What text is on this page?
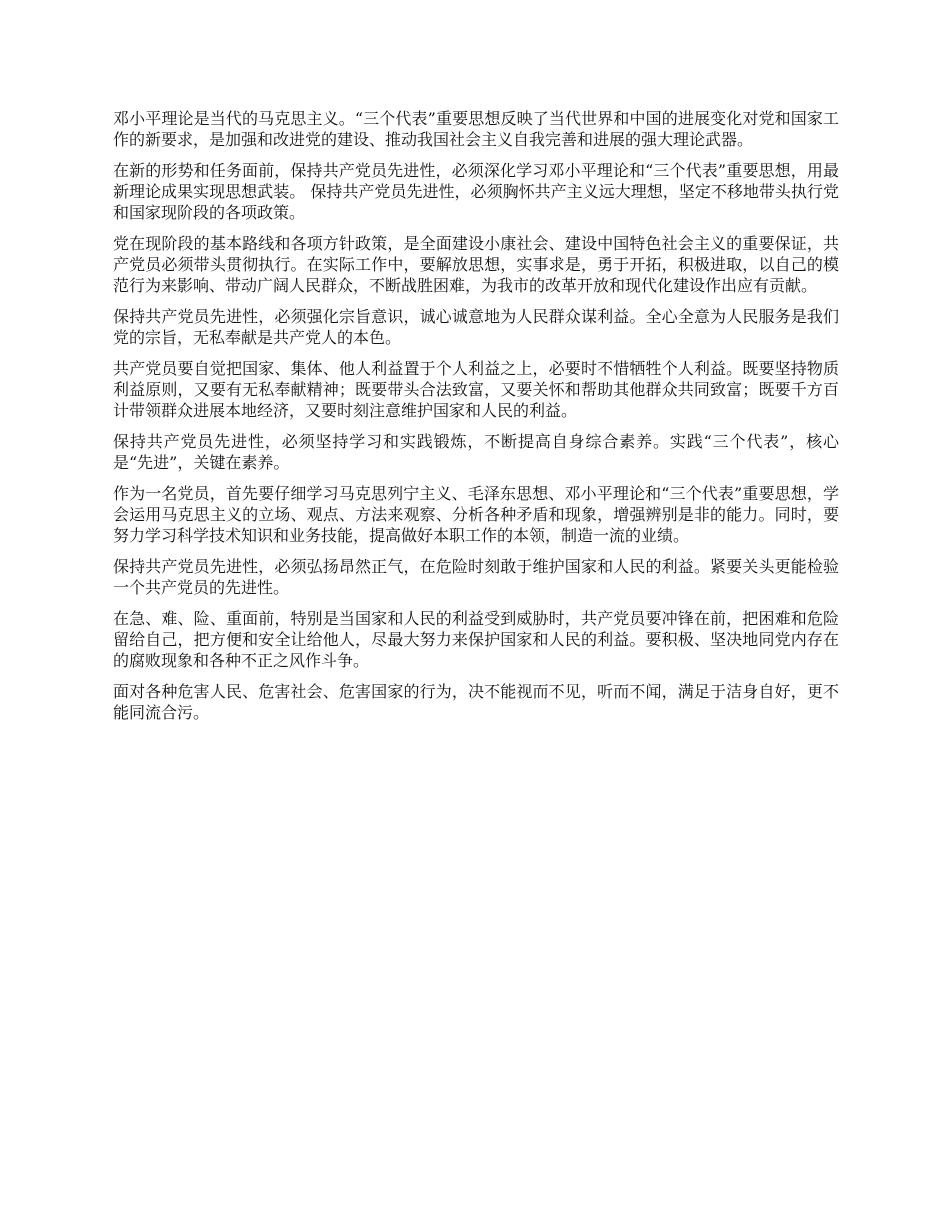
邓小平理论是当代的马克思主义。“三个代表”重要思想反映了当代世界和中国的进展变化对党和国家工作的新要求，是加强和改进党的建设、推动我国社会主义自我完善和进展的强大理论武器。

在新的形势和任务面前，保持共产党员先进性，必须深化学习邓小平理论和“三个代表”重要思想，用最新理论成果实现思想武装。 保持共产党员先进性，必须胸怀共产主义远大理想，坚定不移地带头执行党和国家现阶段的各项政策。

党在现阶段的基本路线和各项方针政策，是全面建设小康社会、建设中国特色社会主义的重要保证，共产党员必须带头贯彻执行。在实际工作中，要解放思想，实事求是，勇于开拓，积极进取，以自己的模范行为来影响、带动广阔人民群众，不断战胜困难，为我市的改革开放和现代化建设作出应有贡献。

保持共产党员先进性，必须强化宗旨意识，诚心诚意地为人民群众谋利益。全心全意为人民服务是我们党的宗旨，无私奉献是共产党人的本色。

共产党员要自觉把国家、集体、他人利益置于个人利益之上，必要时不惜牺牲个人利益。既要坚持物质利益原则，又要有无私奉献精神；既要带头合法致富，又要关怀和帮助其他群众共同致富；既要千方百计带领群众进展本地经济，又要时刻注意维护国家和人民的利益。

保持共产党员先进性，必须坚持学习和实践锻炼，不断提高自身综合素养。实践“三个代表”，核心是“先进”，关键在素养。

作为一名党员，首先要仔细学习马克思列宁主义、毛泽东思想、邓小平理论和“三个代表”重要思想，学会运用马克思主义的立场、观点、方法来观察、分析各种矛盾和现象，增强辨别是非的能力。同时，要努力学习科学技术知识和业务技能，提高做好本职工作的本领，制造一流的业绩。

保持共产党员先进性，必须弘扬昂然正气，在危险时刻敢于维护国家和人民的利益。紧要关头更能检验一个共产党员的先进性。

在急、难、险、重面前，特别是当国家和人民的利益受到威胁时，共产党员要冲锋在前，把困难和危险留给自己，把方便和安全让给他人，尽最大努力来保护国家和人民的利益。要积极、坚决地同党内存在的腐败现象和各种不正之风作斗争。

面对各种危害人民、危害社会、危害国家的行为，决不能视而不见，听而不闻，满足于洁身自好，更不能同流合污。
